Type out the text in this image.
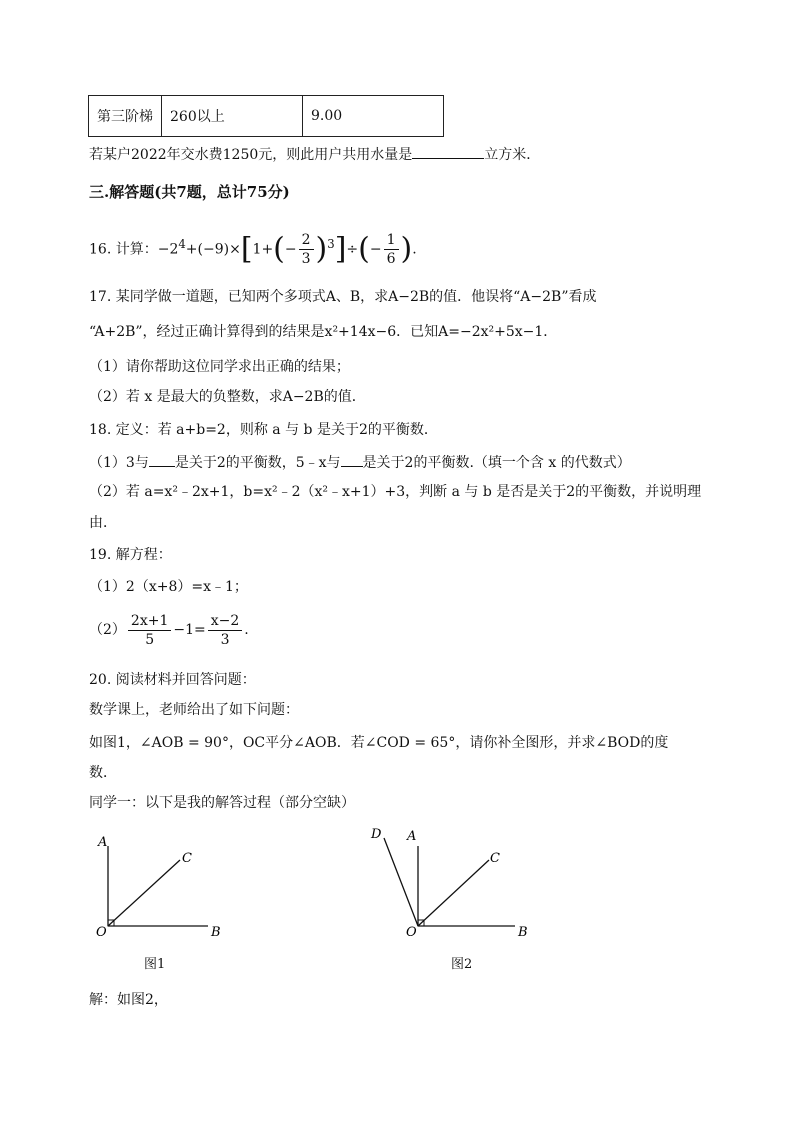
第三阶梯	260以上	9.00
若某户2022年交水费1250元，则此用户共用水量是	立方米．
三.解答题(共7题，总计75分)
16. 计算：$-2^4+(-9)\times[1+(- \frac{2}{3} )^3]\div(- \frac{1}{6}$ ).
17. 某同学做一道题，已知两个多项式A、B，求A−2B的值．他误将“A−2B”看成
“A+2B”，经过正确计算得到的结果是x²+14x−6．已知A=−2x²+5x−1．
（1）请你帮助这位同学求出正确的结果；
（2）若 x 是最大的负整数，求A−2B的值．
18. 定义：若 a+b=2，则称 a 与 b 是关于2的平衡数．
（1）3与 是关于2的平衡数，5﹣x与 是关于2的平衡数.（填一个含 x 的代数式）
（2）若 a=x²﹣2x+1，b=x²﹣2（x²﹣x+1）+3，判断 a 与 b 是否是关于2的平衡数，并说明理
由．
19. 解方程：
（1）2（x+8）=x﹣1；
$(2) \frac{2x+1}{5} -1= \frac{x-2}{3}$ .
20. 阅读材料并回答问题：
数学课上，老师给出了如下问题：
如图1，∠AOB = 90°，OC平分∠AOB．若∠COD = 65°，请你补全图形，并求∠BOD的度
数．
同学一：以下是我的解答过程（部分空缺）
A
C
O	B
图1
D A
C
O	B
图2
解：如图2，
